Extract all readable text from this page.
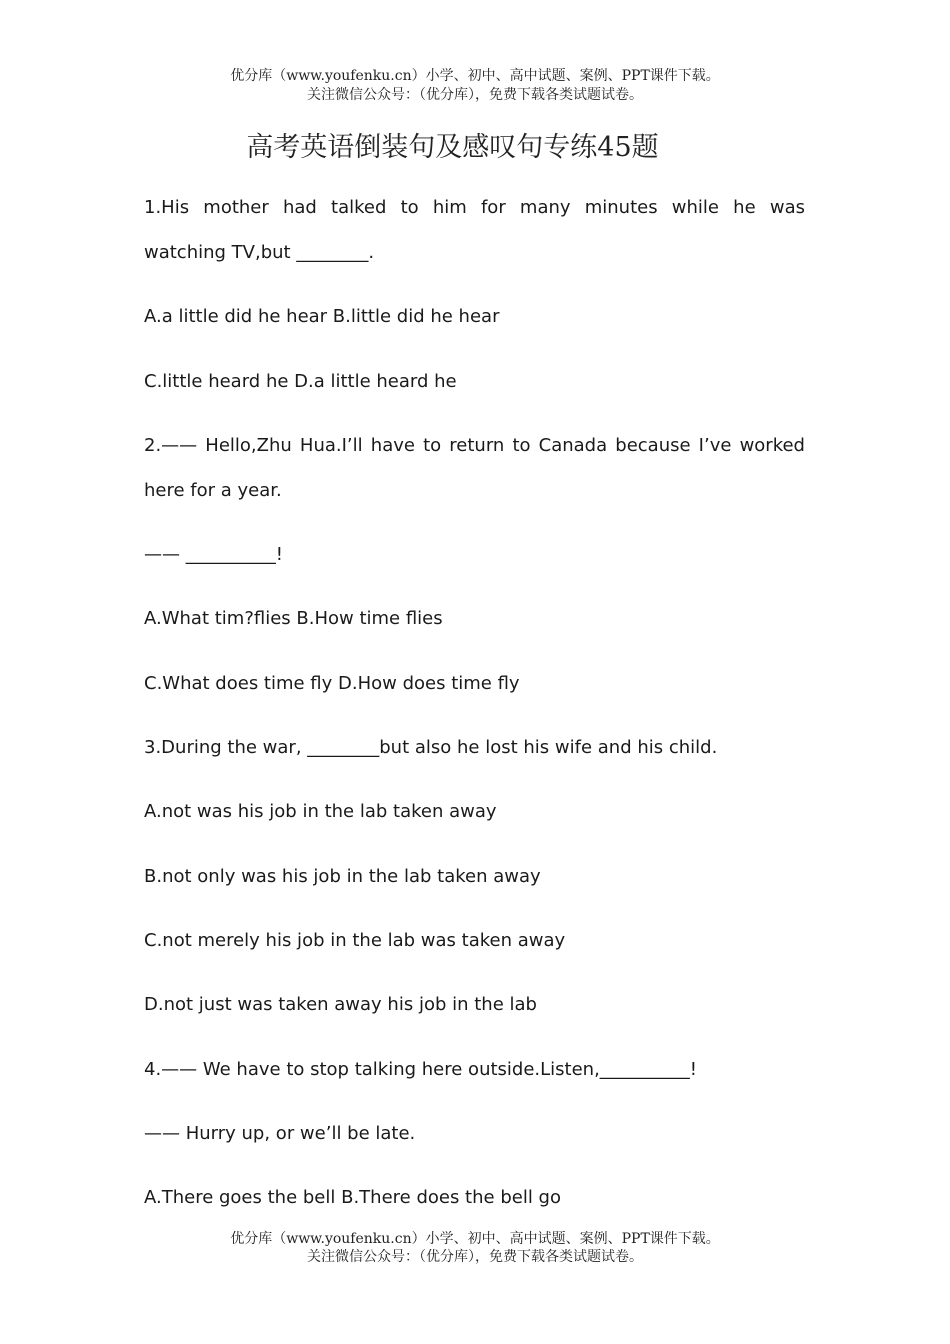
优分库（www.youfenku.cn）小学、初中、高中试题、案例、PPT课件下载。
关注微信公众号：（优分库），免费下载各类试题试卷。
高考英语倒装句及感叹句专练45题
1.His mother had talked to him for many minutes while he was
watching TV,but ________.
A.a little did he hear B.little did he hear
C.little heard he D.a little heard he
2.—— Hello,Zhu Hua.I’ll have to return to Canada because I’ve worked
here for a year.
—— __________!
A.What tim?flies B.How time flies
C.What does time fly D.How does time fly
3.During the war, ________but also he lost his wife and his child.
A.not was his job in the lab taken away
B.not only was his job in the lab taken away
C.not merely his job in the lab was taken away
D.not just was taken away his job in the lab
4.—— We have to stop talking here outside.Listen,__________!
—— Hurry up, or we’ll be late.
A.There goes the bell B.There does the bell go
优分库（www.youfenku.cn）小学、初中、高中试题、案例、PPT课件下载。
关注微信公众号：（优分库），免费下载各类试题试卷。
